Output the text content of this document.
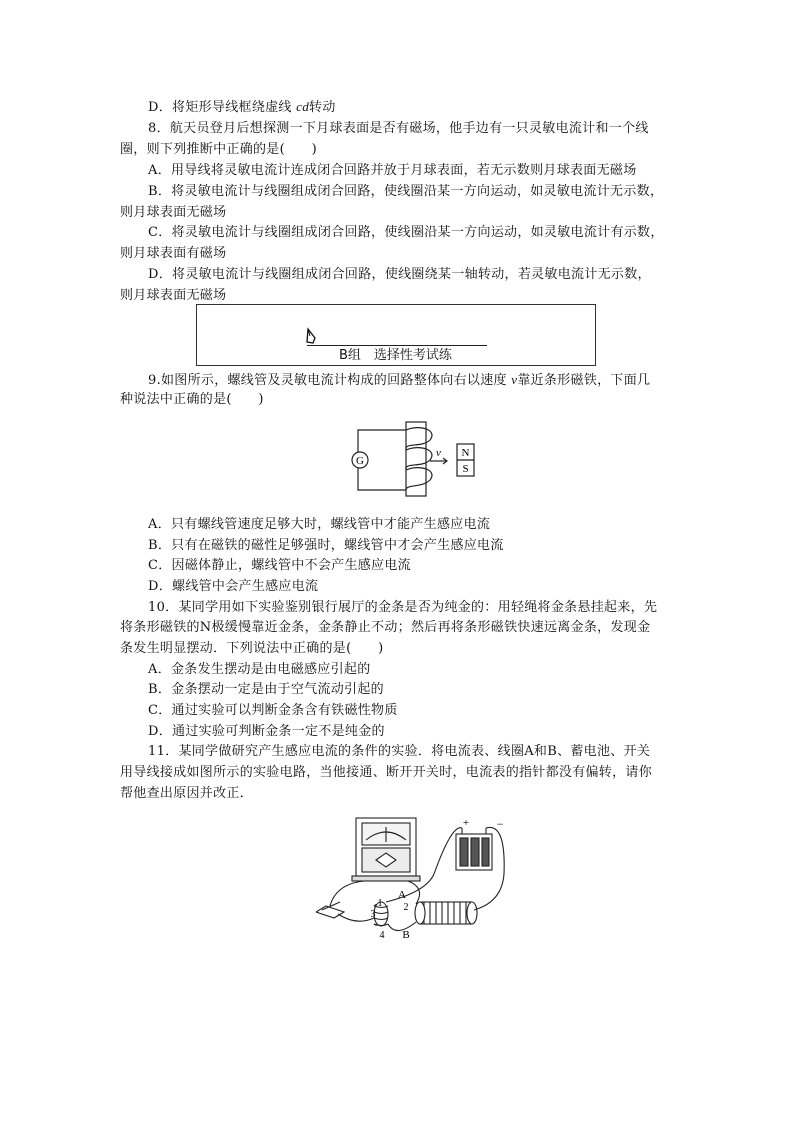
D．将矩形导线框绕虚线 cd转动
8．航天员登月后想探测一下月球表面是否有磁场，他手边有一只灵敏电流计和一个线
圈，则下列推断中正确的是(　　)
A．用导线将灵敏电流计连成闭合回路并放于月球表面，若无示数则月球表面无磁场
B．将灵敏电流计与线圈组成闭合回路，使线圈沿某一方向运动，如灵敏电流计无示数，
则月球表面无磁场
C．将灵敏电流计与线圈组成闭合回路，使线圈沿某一方向运动，如灵敏电流计有示数，
则月球表面有磁场
D．将灵敏电流计与线圈组成闭合回路，使线圈绕某一轴转动，若灵敏电流计无示数，
则月球表面无磁场
B组　选择性考试练
9.如图所示，螺线管及灵敏电流计构成的回路整体向右以速度 v靠近条形磁铁，下面几
种说法中正确的是(　　)
G
v N
S
A．只有螺线管速度足够大时，螺线管中才能产生感应电流
B．只有在磁铁的磁性足够强时，螺线管中才会产生感应电流
C．因磁体静止，螺线管中不会产生感应电流
D．螺线管中会产生感应电流
10．某同学用如下实验鉴别银行展厅的金条是否为纯金的：用轻绳将金条悬挂起来，先
将条形磁铁的N极缓慢靠近金条，金条静止不动；然后再将条形磁铁快速远离金条，发现金
条发生明显摆动．下列说法中正确的是(　　)
A．金条发生摆动是由电磁感应引起的
B．金条摆动一定是由于空气流动引起的
C．通过实验可以判断金条含有铁磁性物质
D．通过实验可判断金条一定不是纯金的
11．某同学做研究产生感应电流的条件的实验．将电流表、线圈A和B、蓄电池、开关
用导线接成如图所示的实验电路，当他接通、断开开关时，电流表的指针都没有偏转，请你
帮他查出原因并改正．
+ −
A
B
1 2
3
4
